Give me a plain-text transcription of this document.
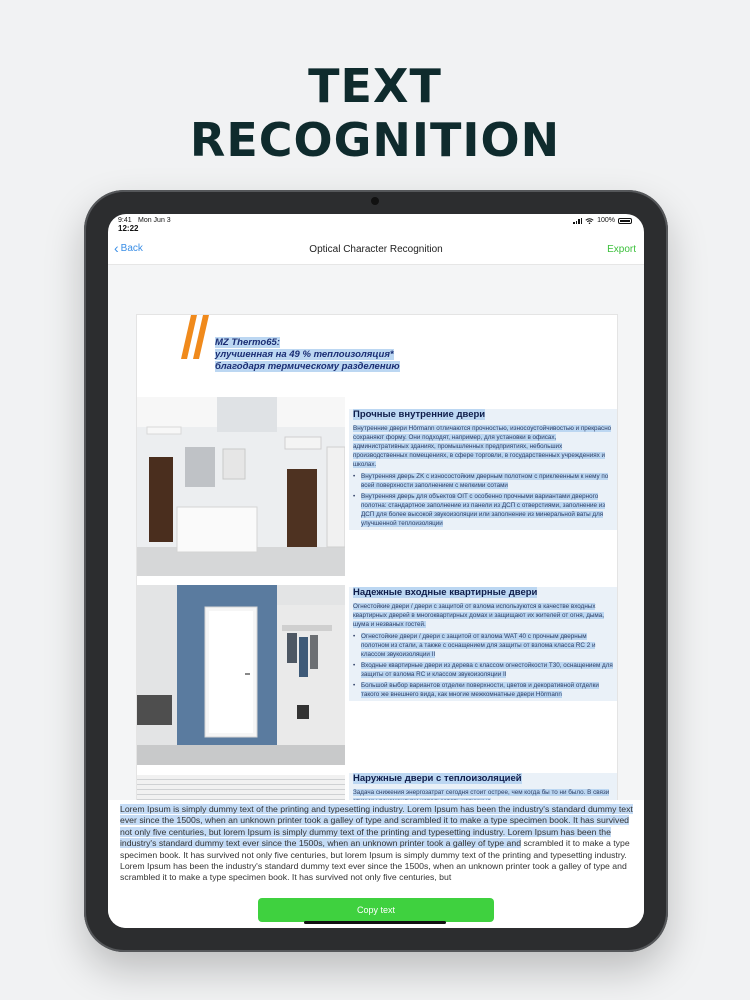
TEXT
RECOGNITION
9:41
12:22
Mon Jun 3	100%
‹ Back	Optical Character Recognition	Export
MZ Thermo65:
улучшенная на 49 % теплоизоляция*
благодаря термическому разделению
Прочные внутренние двери
Внутренние двери Hörmann отличаются прочностью, износоустойчивостью и прекрасно сохраняют форму. Они подходят, например, для установки в офисах, административных зданиях, промышленных предприятиях, небольших производственных помещениях, в сфере торговли, в государственных учреждениях и школах.
• Внутренняя дверь ZK с износостойким дверным полотном с приклеенным к нему по всей поверхности заполнением с мелкими сотами
• Внутренняя дверь для объектов OIT с особенно прочными вариантами дверного полотна: стандартное заполнение из панели из ДСП с отверстиями, заполнение из ДСП для более высокой звукоизоляции или заполнение из минеральной ваты для улучшенной теплоизоляции
Надежные входные квартирные двери
Огнестойкие двери / двери с защитой от взлома используются в качестве входных квартирных дверей в многоквартирных домах и защищают их жителей от огня, дыма, шума и незваных гостей.
• Огнестойкие двери / двери с защитой от взлома WAT 40 с прочным дверным полотном из стали, а также с оснащением для защиты от взлома класса RC 2 и классом звукоизоляции II
• Входные квартирные двери из дерева с классом огнестойкости T30, оснащением для защиты от взлома RC и классом звукоизоляции II
• Большой выбор вариантов отделки поверхности, цветов и декоративной отделки такого же внешнего вида, как многие межкомнатные двери Hörmann
Наружные двери с теплоизоляцией
Задача снижения энергозатрат сегодня стоит острее, чем когда бы то ни было. В связи
Lorem Ipsum is simply dummy text of the printing and typesetting industry. Lorem Ipsum has been the industry's standard dummy text ever since the 1500s, when an unknown printer took a galley of type and scrambled it to make a type specimen book. It has survived not only five centuries, but lorem Ipsum is simply dummy text of the printing and typesetting industry. Lorem Ipsum has been the industry's standard dummy text ever since the 1500s, when an unknown printer took a galley of type and scrambled it to make a type specimen book. It has survived not only five centuries, but lorem Ipsum is simply dummy text of the printing and typesetting industry. Lorem Ipsum has been the industry's standard dummy text ever since the 1500s, when an unknown printer took a galley of type and scrambled it to make a type specimen book. It has survived not only five centuries, but
Copy text
